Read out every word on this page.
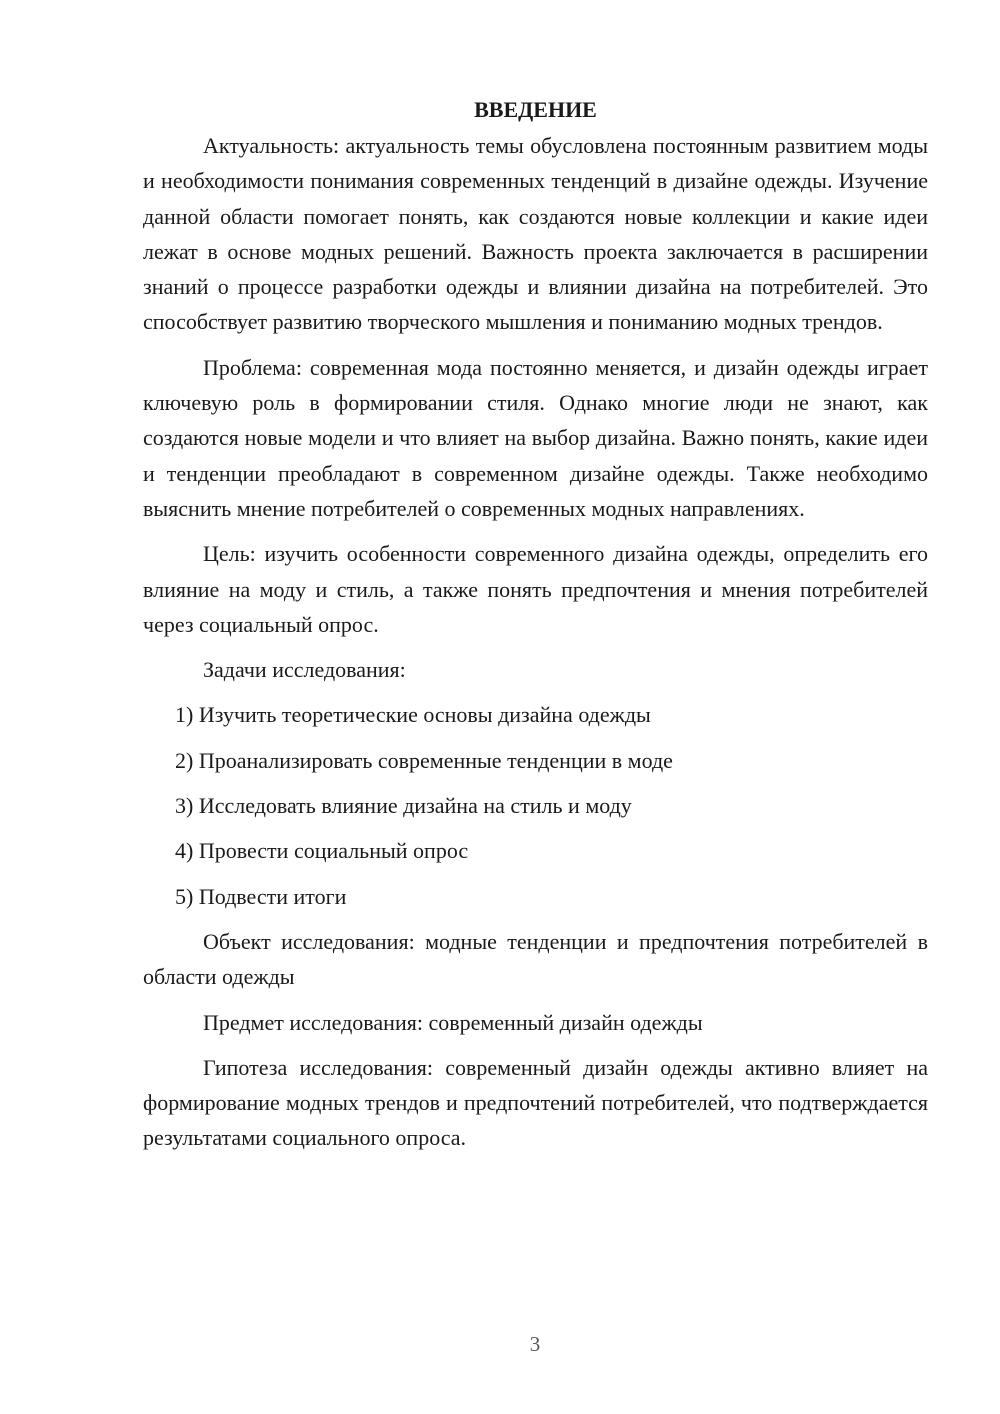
ВВЕДЕНИЕ

Актуальность: актуальность темы обусловлена постоянным развитием моды и необходимости понимания современных тенденций в дизайне одежды. Изучение данной области помогает понять, как создаются новые коллекции и какие идеи лежат в основе модных решений. Важность проекта заключается в расширении знаний о процессе разработки одежды и влиянии дизайна на потребителей. Это способствует развитию творческого мышления и пониманию модных трендов.

Проблема: современная мода постоянно меняется, и дизайн одежды играет ключевую роль в формировании стиля. Однако многие люди не знают, как создаются новые модели и что влияет на выбор дизайна. Важно понять, какие идеи и тенденции преобладают в современном дизайне одежды. Также необходимо выяснить мнение потребителей о современных модных направлениях.

Цель: изучить особенности современного дизайна одежды, определить его влияние на моду и стиль, а также понять предпочтения и мнения потребителей через социальный опрос.

Задачи исследования:

1) Изучить теоретические основы дизайна одежды

2) Проанализировать современные тенденции в моде

3) Исследовать влияние дизайна на стиль и моду

4) Провести социальный опрос

5) Подвести итоги

Объект исследования: модные тенденции и предпочтения потребителей в области одежды

Предмет исследования: современный дизайн одежды

Гипотеза исследования: современный дизайн одежды активно влияет на формирование модных трендов и предпочтений потребителей, что подтверждается результатами социального опроса.

3
